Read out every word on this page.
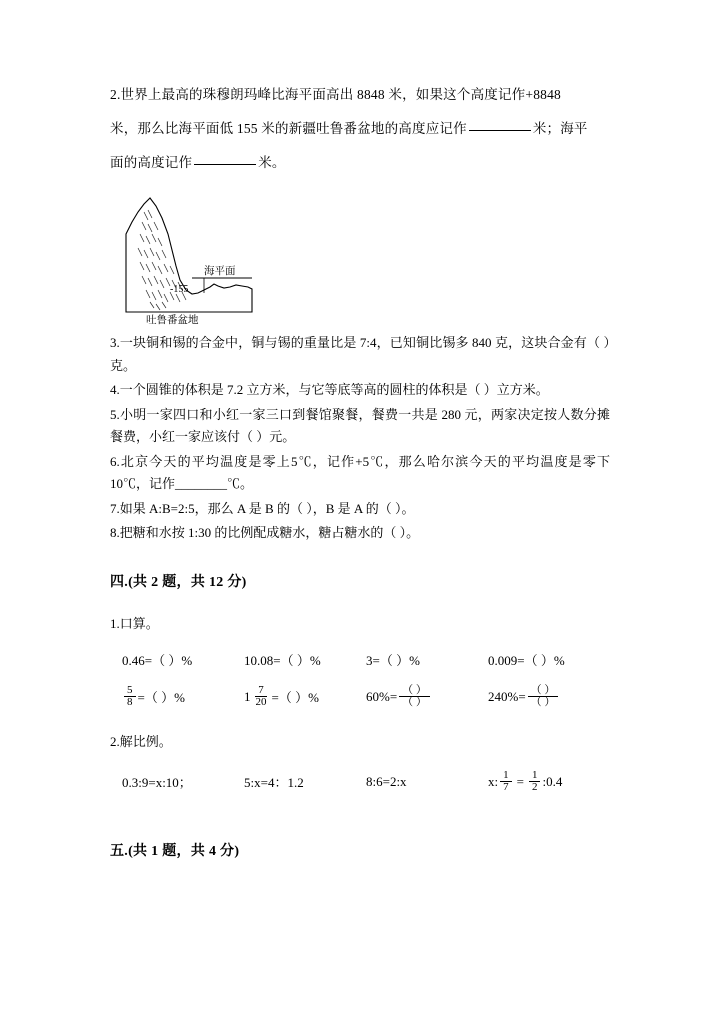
2.世界上最高的珠穆朗玛峰比海平面高出 8848 米，如果这个高度记作+8848
米，那么比海平面低 155 米的新疆吐鲁番盆地的高度应记作	米；海平
面的高度记作	米。
海平面
-155
吐鲁番盆地

3.一块铜和锡的合金中，铜与锡的重量比是 7:4，已知铜比锡多 840 克，这块合金有（ ）克。

4.一个圆锥的体积是 7.2 立方米，与它等底等高的圆柱的体积是（ ）立方米。

5.小明一家四口和小红一家三口到餐馆聚餐，餐费一共是 280 元，两家决定按人数分摊餐费，小红一家应该付（ ）元。

6.北京今天的平均温度是零上5℃，记作+5℃，那么哈尔滨今天的平均温度是零下 10℃，记作________℃。

7.如果 A:B=2:5，那么 A 是 B 的（ ），B 是 A 的（ ）。

8.把糖和水按 1:30 的比例配成糖水，糖占糖水的（ ）。

四.(共 2 题，共 12 分)
1.口算。
0.46=（ ）%	10.08=（ ）%	3=（ ）%	0.009=（ ）%
$\frac{5}{8}$ =（ ）%	$1 \frac{7}{20}$ =（ ）%	$60\%= \frac{( )}{( )}$	$240\%= \frac{( )}{( )}$
2.解比例。
0.3:9=x:10；	5:x=4：1.2	8:6=2:x	x: $\frac{1}{7} = \frac{1}{2}$ :0.4
五.(共 1 题，共 4 分)
